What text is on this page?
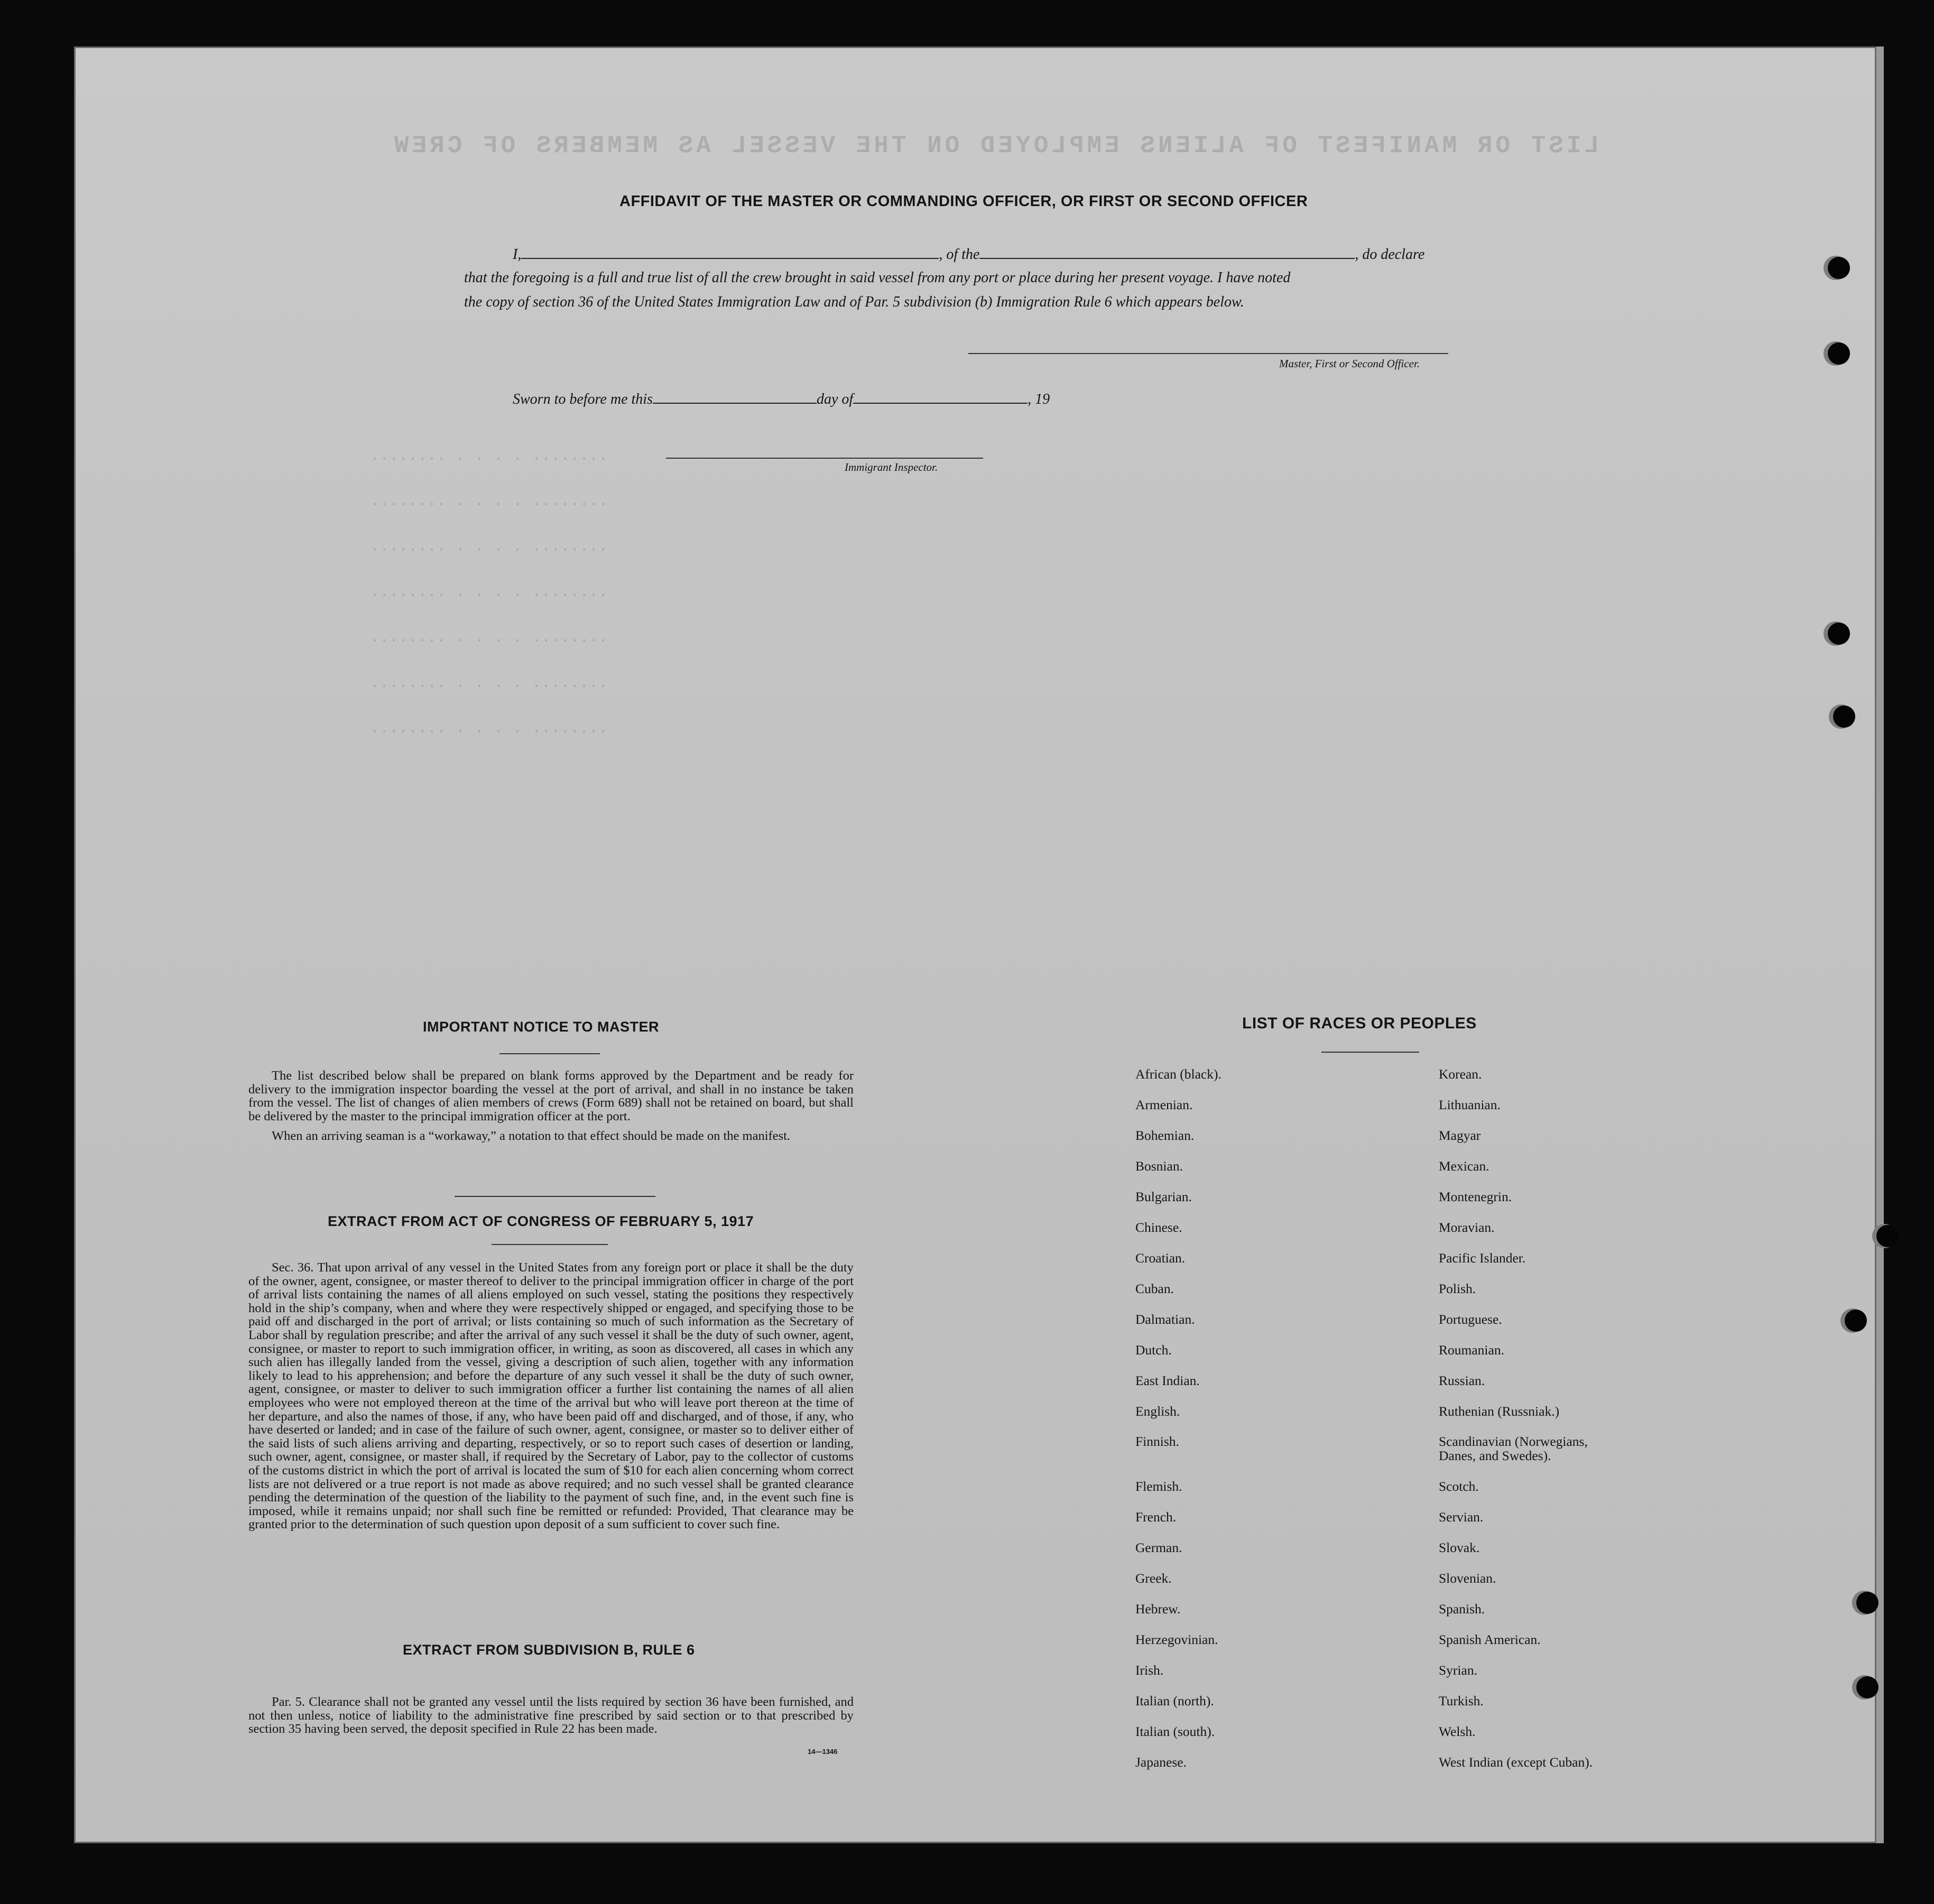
LIST OR MANIFEST OF ALIENS EMPLOYED ON THE VESSEL AS MEMBERS OF CREW
........ . . . . ........
........ . . . . ........
........ . . . . ........
........ . . . . ........
........ . . . . ........
........ . . . . ........
........ . . . . ........
AFFIDAVIT OF THE MASTER OR COMMANDING OFFICER, OR FIRST OR SECOND OFFICER
I,	, of the	, do declare
that the foregoing is a full and true list of all the crew brought in said vessel from any port or place during her present voyage. I have noted
the copy of section 36 of the United States Immigration Law and of Par. 5 subdivision (b) Immigration Rule 6 which appears below.
Master, First or Second Officer.
Sworn to before me this	day of	, 19
Immigrant Inspector.
IMPORTANT NOTICE TO MASTER

The list described below shall be prepared on blank forms approved by the Department and be ready for delivery to the immigration inspector boarding the vessel at the port of arrival, and shall in no instance be taken from the vessel. The list of changes of alien members of crews (Form 689) shall not be retained on board, but shall be delivered by the master to the principal immigration officer at the port.

When an arriving seaman is a “workaway,” a notation to that effect should be made on the manifest.

EXTRACT FROM ACT OF CONGRESS OF FEBRUARY 5, 1917

Sec. 36. That upon arrival of any vessel in the United States from any foreign port or place it shall be the duty of the owner, agent, consignee, or master thereof to deliver to the principal immigration officer in charge of the port of arrival lists containing the names of all aliens employed on such vessel, stating the positions they respectively hold in the ship’s company, when and where they were respectively shipped or engaged, and specifying those to be paid off and discharged in the port of arrival; or lists containing so much of such information as the Secretary of Labor shall by regulation prescribe; and after the arrival of any such vessel it shall be the duty of such owner, agent, consignee, or master to report to such immigration officer, in writing, as soon as discovered, all cases in which any such alien has illegally landed from the vessel, giving a description of such alien, together with any information likely to lead to his apprehension; and before the departure of any such vessel it shall be the duty of such owner, agent, consignee, or master to deliver to such immigration officer a further list containing the names of all alien employees who were not employed thereon at the time of the arrival but who will leave port thereon at the time of her departure, and also the names of those, if any, who have been paid off and discharged, and of those, if any, who have deserted or landed; and in case of the failure of such owner, agent, consignee, or master so to deliver either of the said lists of such aliens arriving and departing, respectively, or so to report such cases of desertion or landing, such owner, agent, consignee, or master shall, if required by the Secretary of Labor, pay to the collector of customs of the customs district in which the port of arrival is located the sum of $10 for each alien concerning whom correct lists are not delivered or a true report is not made as above required; and no such vessel shall be granted clearance pending the determination of the question of the liability to the payment of such fine, and, in the event such fine is imposed, while it remains unpaid; nor shall such fine be remitted or refunded: Provided, That clearance may be granted prior to the determination of such question upon deposit of a sum sufficient to cover such fine.

EXTRACT FROM SUBDIVISION B, RULE 6

Par. 5. Clearance shall not be granted any vessel until the lists required by section 36 have been furnished, and not then unless, notice of liability to the administrative fine prescribed by said section or to that prescribed by section 35 having been served, the deposit specified in Rule 22 has been made.

14—1346
LIST OF RACES OR PEOPLES
African (black).
Armenian.
Bohemian.
Bosnian.
Bulgarian.
Chinese.
Croatian.
Cuban.
Dalmatian.
Dutch.
East Indian.
English.
Finnish.
Flemish.
French.
German.
Greek.
Hebrew.
Herzegovinian.
Irish.
Italian (north).
Italian (south).
Japanese.
Korean.
Lithuanian.
Magyar
Mexican.
Montenegrin.
Moravian.
Pacific Islander.
Polish.
Portuguese.
Roumanian.
Russian.
Ruthenian (Russniak.)
Scandinavian (Norwegians, Danes, and Swedes).
Scotch.
Servian.
Slovak.
Slovenian.
Spanish.
Spanish American.
Syrian.
Turkish.
Welsh.
West Indian (except Cuban).
